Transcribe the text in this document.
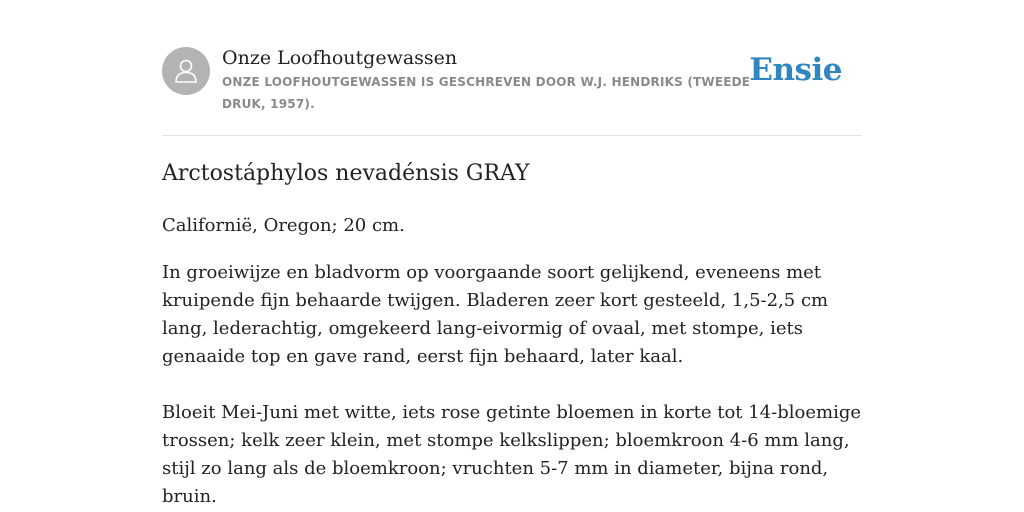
Onze Loofhoutgewassen
ONZE LOOFHOUTGEWASSEN IS GESCHREVEN DOOR W.J. HENDRIKS (TWEEDE DRUK, 1957).
Ensie
Arctostáphylos nevadénsis GRAY
Californië, Oregon; 20 cm.

In groeiwijze en bladvorm op voorgaande soort gelijkend, eveneens met kruipende fijn behaarde twijgen. Bladeren zeer kort gesteeld, 1,5-2,5 cm lang, lederachtig, omgekeerd lang-eivormig of ovaal, met stompe, iets genaaide top en gave rand, eerst fijn behaard, later kaal.

Bloeit Mei-Juni met witte, iets rose getinte bloemen in korte tot 14-bloemige trossen; kelk zeer klein, met stompe kelkslippen; bloemkroon 4-6 mm lang, stijl zo lang als de bloemkroon; vruchten 5-7 mm in diameter, bijna rond, bruin.
